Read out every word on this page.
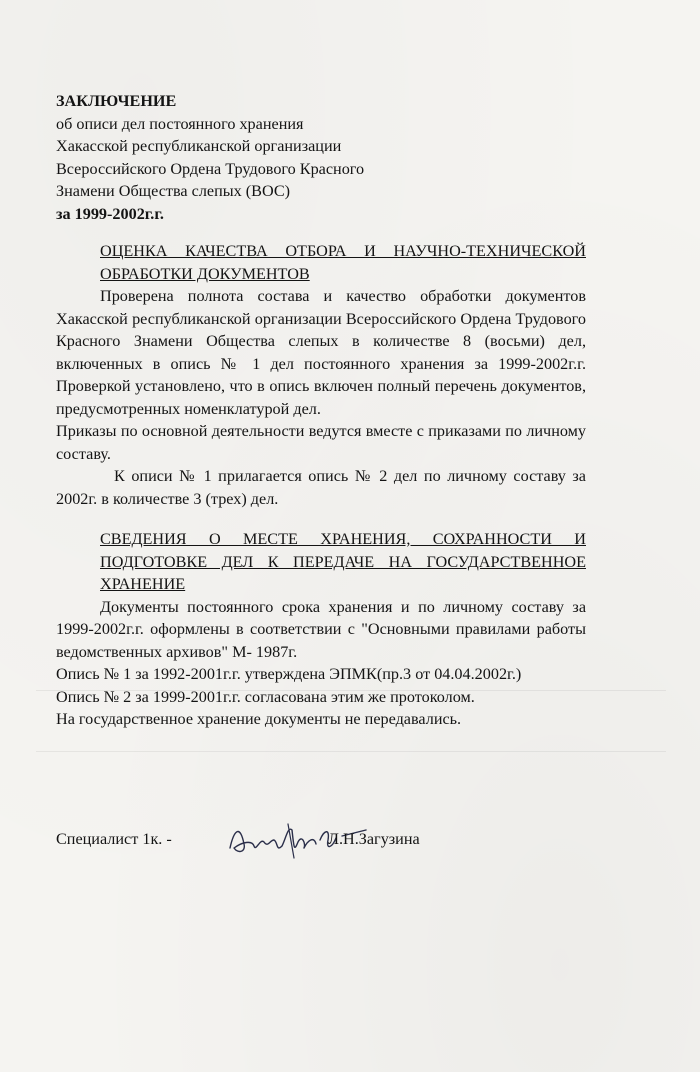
ЗАКЛЮЧЕНИЕ
об описи дел постоянного хранения
Хакасской республиканской организации
Всероссийского Ордена Трудового Красного
Знамени Общества слепых (ВОС)
за 1999-2002г.г.

ОЦЕНКА КАЧЕСТВА ОТБОРА И НАУЧНО-ТЕХНИЧЕСКОЙ ОБРАБОТКИ ДОКУМЕНТОВ

Проверена полнота состава и качество обработки документов Хакасской республиканской организации Всероссийского Ордена Трудового Красного Знамени Общества слепых в количестве 8 (восьми) дел, включенных в опись № 1 дел постоянного хранения за 1999-2002г.г. Проверкой установлено, что в опись включен полный перечень документов, предусмотренных номенклатурой дел.

Приказы по основной деятельности ведутся вместе с приказами по личному составу.

К описи № 1 прилагается опись № 2 дел по личному составу за 2002г. в количестве 3 (трех) дел.

СВЕДЕНИЯ О МЕСТЕ ХРАНЕНИЯ, СОХРАННОСТИ И ПОДГОТОВКЕ ДЕЛ К ПЕРЕДАЧЕ НА ГОСУДАРСТВЕННОЕ ХРАНЕНИЕ

Документы постоянного срока хранения и по личному составу за 1999-2002г.г. оформлены в соответствии с "Основными правилами работы ведомственных архивов" М- 1987г.

Опись № 1 за 1992-2001г.г. утверждена ЭПМК(пр.3 от 04.04.2002г.)

Опись № 2 за 1999-2001г.г. согласована этим же протоколом.

На государственное хранение документы не передавались.

Специалист 1к. -	Л.Н.Загузина
